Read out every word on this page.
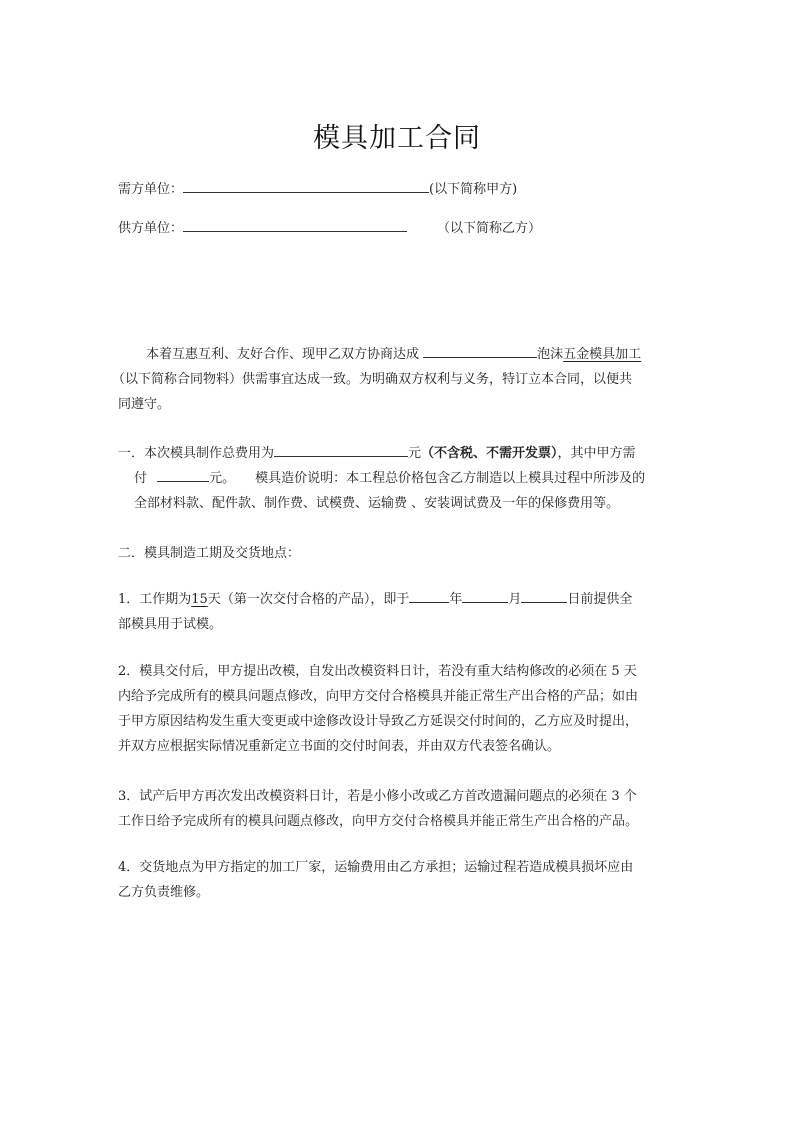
模具加工合同
需方单位：	(以下简称甲方)
供方单位：	（以下简称乙方）
本着互惠互利、友好合作、现甲乙双方协商达成	泡沫五金模具加工
（以下简称合同物料）供需事宜达成一致。为明确双方权利与义务，特订立本合同，以便共
同遵守。
一．本次模具制作总费用为	元（不含税、不需开发票），其中甲方需
付	元。 模具造价说明：本工程总价格包含乙方制造以上模具过程中所涉及的
全部材料款、配件款、制作费、试模费、运输费 、安装调试费及一年的保修费用等。
二．模具制造工期及交货地点：
1．工作期为15天（第一次交付合格的产品），即于	年	月	日前提供全
部模具用于试模。
2．模具交付后，甲方提出改模，自发出改模资料日计，若没有重大结构修改的必须在 5 天
内给予完成所有的模具问题点修改，向甲方交付合格模具并能正常生产出合格的产品；如由
于甲方原因结构发生重大变更或中途修改设计导致乙方延误交付时间的，乙方应及时提出，
并双方应根据实际情况重新定立书面的交付时间表，并由双方代表签名确认。
3．试产后甲方再次发出改模资料日计，若是小修小改或乙方首改遗漏问题点的必须在 3 个
工作日给予完成所有的模具问题点修改，向甲方交付合格模具并能正常生产出合格的产品。
4．交货地点为甲方指定的加工厂家，运输费用由乙方承担；运输过程若造成模具损坏应由
乙方负责维修。
